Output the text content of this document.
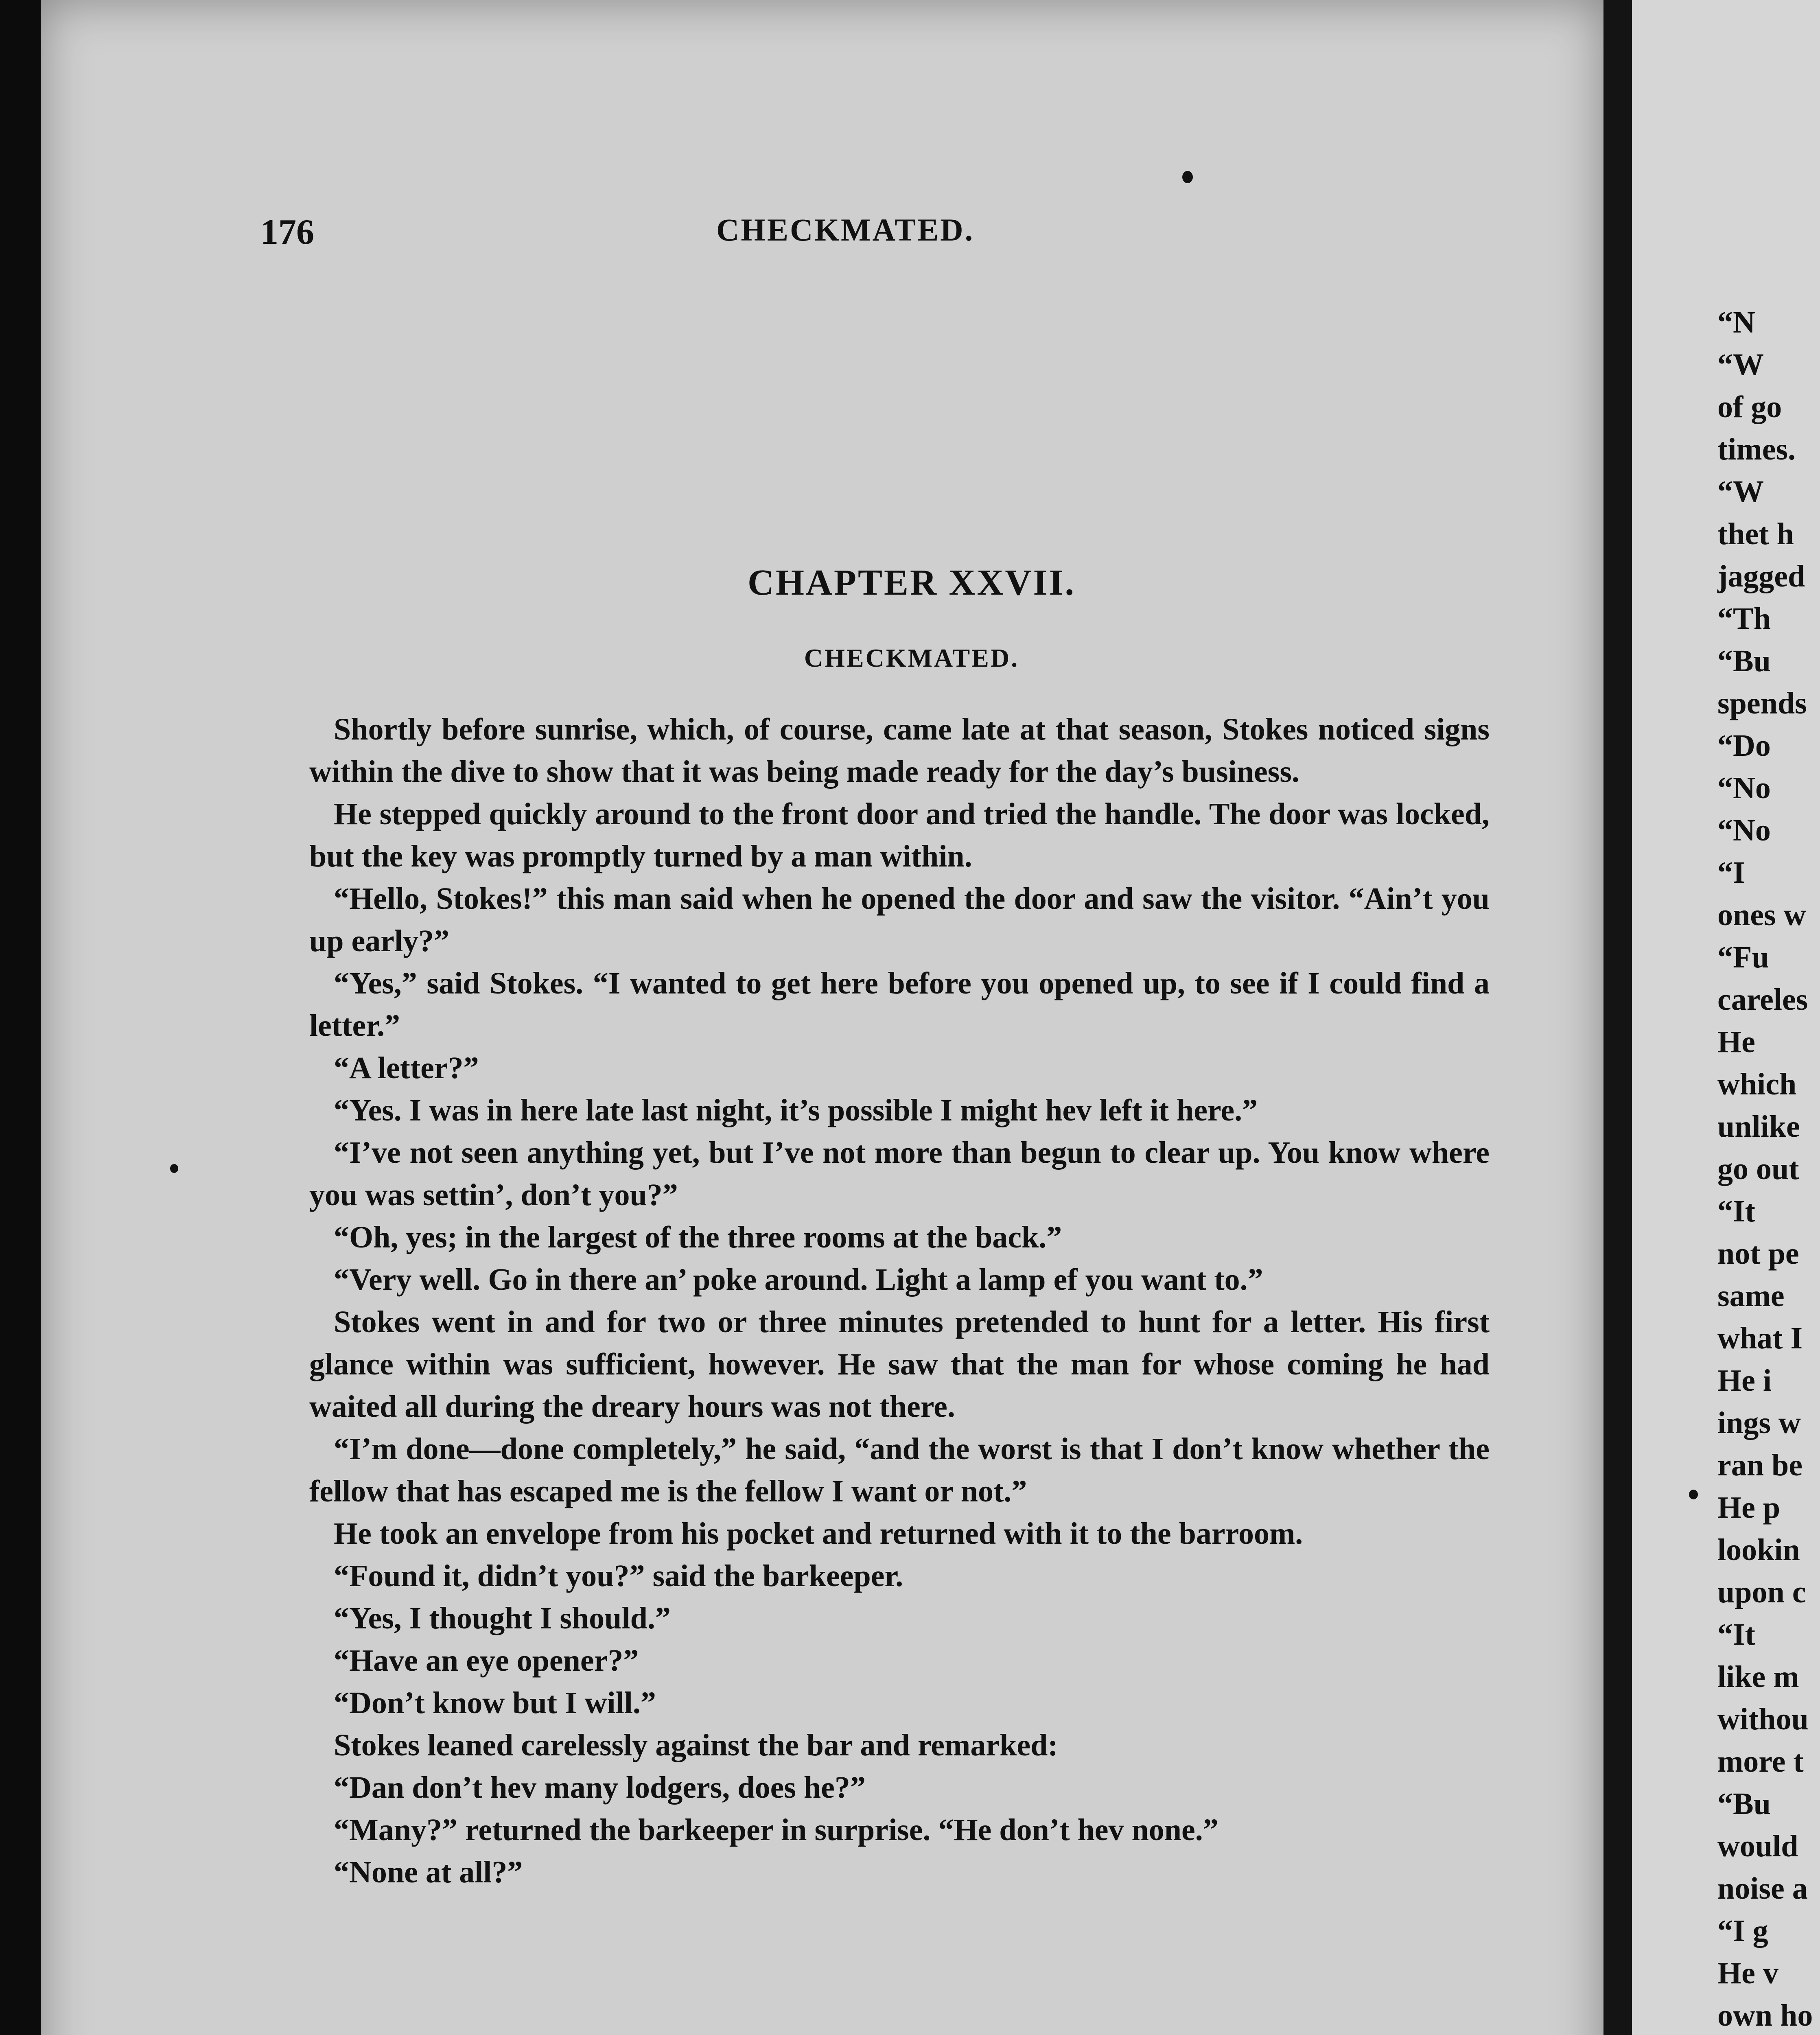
176	CHECKMATED.
CHAPTER XXVII.
CHECKMATED.

Shortly before sunrise, which, of course, came late at that season, Stokes noticed signs within the dive to show that it was being made ready for the day’s business.

He stepped quickly around to the front door and tried the handle. The door was locked, but the key was promptly turned by a man within.

“Hello, Stokes!” this man said when he opened the door and saw the visitor. “Ain’t you up early?”

“Yes,” said Stokes. “I wanted to get here before you opened up, to see if I could find a letter.”

“A letter?”

“Yes. I was in here late last night, it’s possible I might hev left it here.”

“I’ve not seen anything yet, but I’ve not more than begun to clear up. You know where you was settin’, don’t you?”

“Oh, yes; in the largest of the three rooms at the back.”

“Very well. Go in there an’ poke around. Light a lamp ef you want to.”

Stokes went in and for two or three minutes pretended to hunt for a letter. His first glance within was sufficient, however. He saw that the man for whose coming he had waited all during the dreary hours was not there.

“I’m done—done completely,” he said, “and the worst is that I don’t know whether the fellow that has escaped me is the fellow I want or not.”

He took an envelope from his pocket and returned with it to the barroom.

“Found it, didn’t you?” said the barkeeper.

“Yes, I thought I should.”

“Have an eye opener?”

“Don’t know but I will.”

Stokes leaned carelessly against the bar and remarked:

“Dan don’t hev many lodgers, does he?”

“Many?” returned the barkeeper in surprise. “He don’t hev none.”

“None at all?”

“N
“W
of go
times.
“W
thet h
jagged
“Th
“Bu
spends
“Do
“No
“No
“I
ones w
“Fu
careles
He
which
unlike
go out
“It
not pe
same
what I
He i
ings w
ran be
He p
lookin
upon c
“It
like m
withou
more t
“Bu
would
noise a
“I g
He v
own ho
